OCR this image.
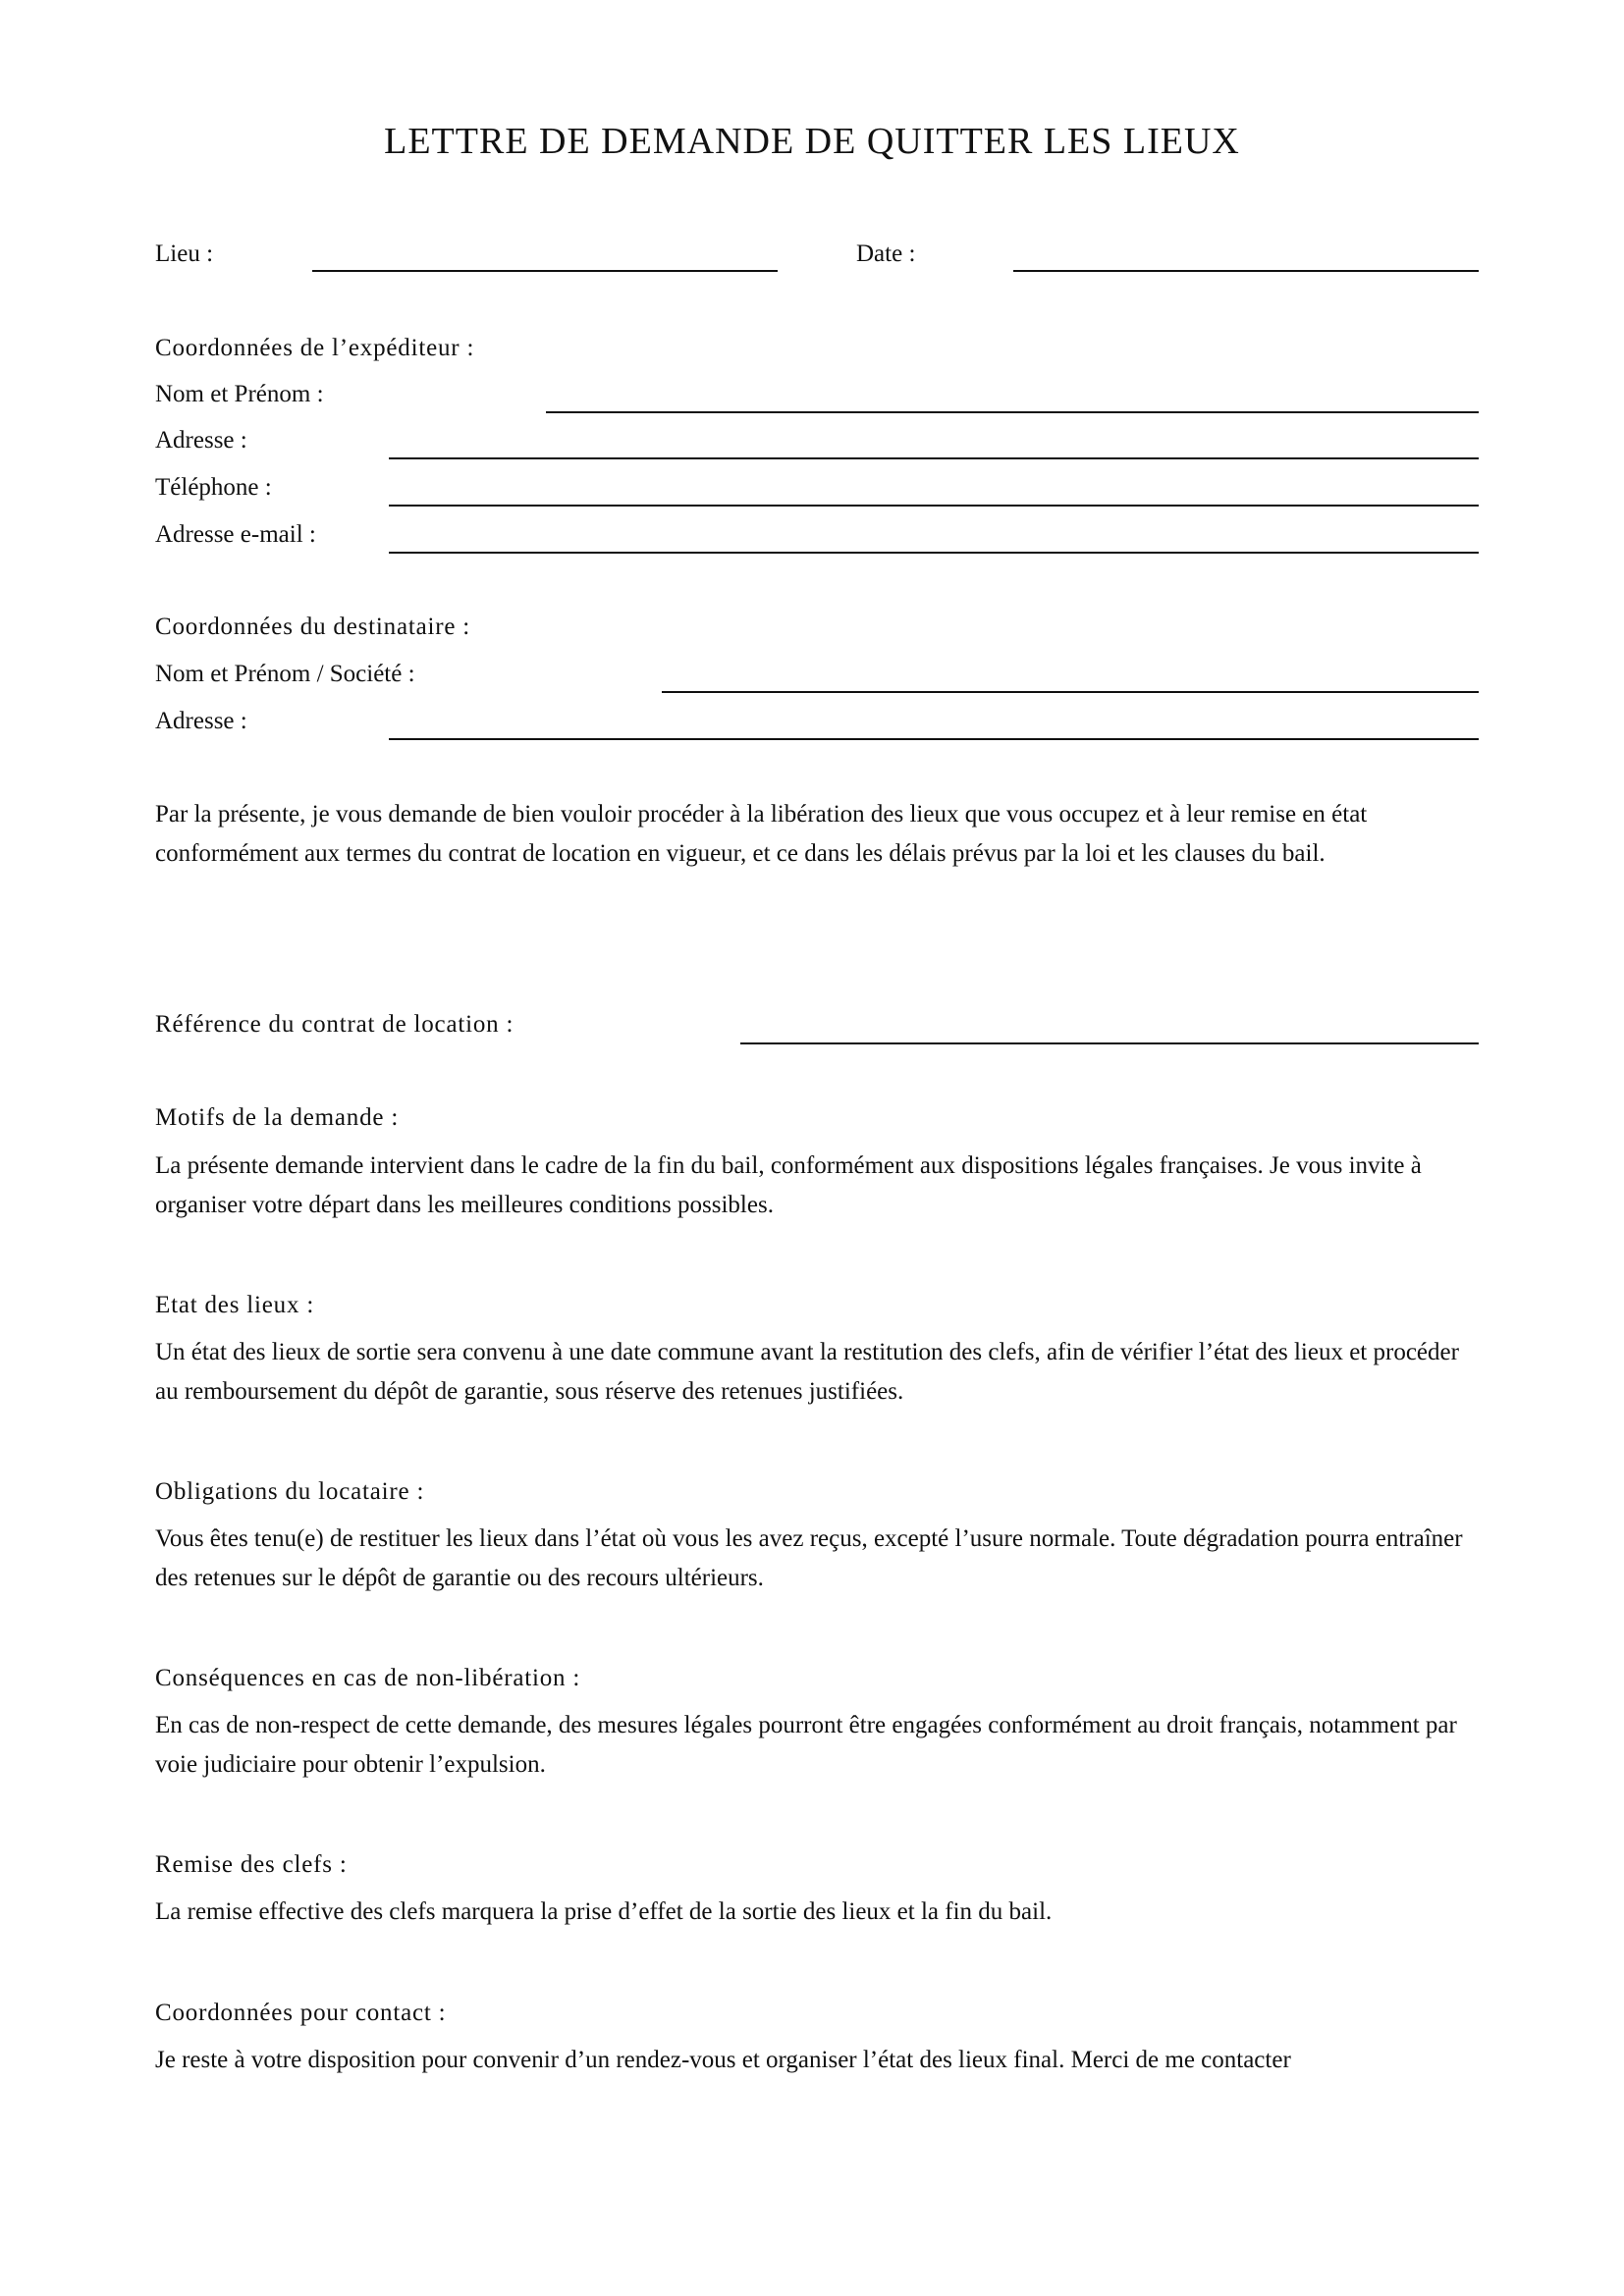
LETTRE DE DEMANDE DE QUITTER LES LIEUX
Lieu :	Date :
Coordonnées de l’expéditeur :
Nom et Prénom :
Adresse :
Téléphone :
Adresse e-mail :
Coordonnées du destinataire :
Nom et Prénom / Société :
Adresse :
Par la présente, je vous demande de bien vouloir procéder à la libération des lieux que vous occupez et à leur remise en état conformément aux termes du contrat de location en vigueur, et ce dans les délais prévus par la loi et les clauses du bail.
Référence du contrat de location :
Motifs de la demande :
La présente demande intervient dans le cadre de la fin du bail, conformément aux dispositions légales françaises. Je vous invite à organiser votre départ dans les meilleures conditions possibles.
Etat des lieux :
Un état des lieux de sortie sera convenu à une date commune avant la restitution des clefs, afin de vérifier l’état des lieux et procéder au remboursement du dépôt de garantie, sous réserve des retenues justifiées.
Obligations du locataire :
Vous êtes tenu(e) de restituer les lieux dans l’état où vous les avez reçus, excepté l’usure normale. Toute dégradation pourra entraîner des retenues sur le dépôt de garantie ou des recours ultérieurs.
Conséquences en cas de non-libération :
En cas de non-respect de cette demande, des mesures légales pourront être engagées conformément au droit français, notamment par voie judiciaire pour obtenir l’expulsion.
Remise des clefs :
La remise effective des clefs marquera la prise d’effet de la sortie des lieux et la fin du bail.
Coordonnées pour contact :
Je reste à votre disposition pour convenir d’un rendez-vous et organiser l’état des lieux final. Merci de me contacter
